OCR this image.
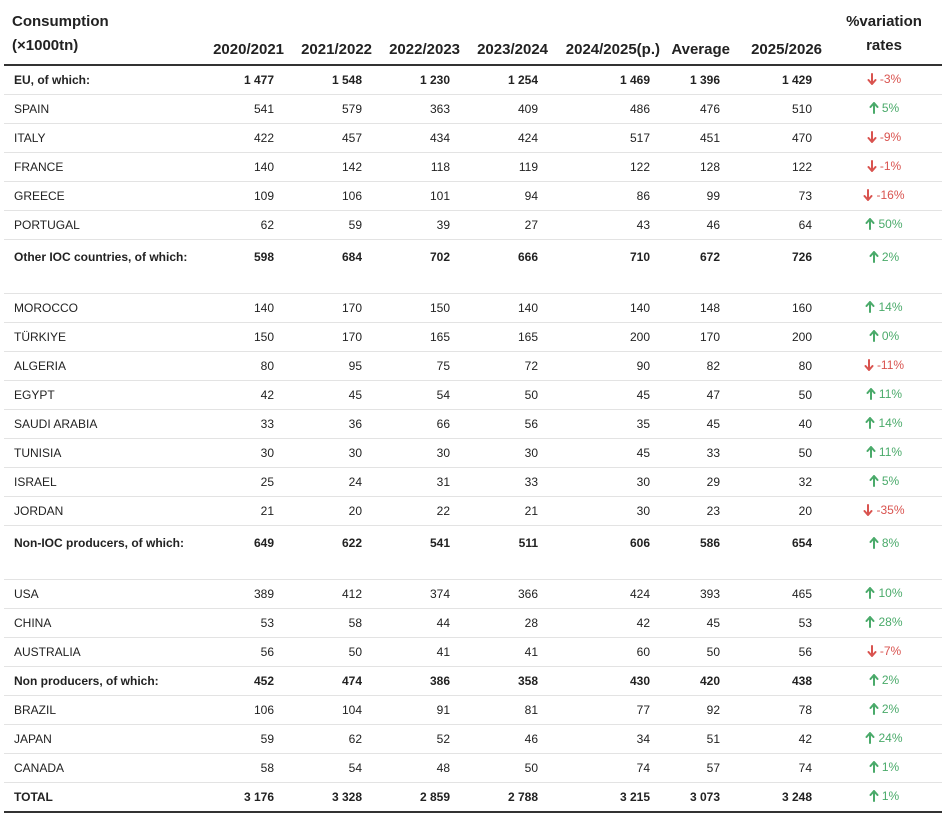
Consumption
(×1000tn)	2020/2021	2021/2022	2022/2023	2023/2024	2024/2025(p.)	Average	2025/2026	%variation
rates
EU, of which:	1 477	1 548	1 230	1 254	1 469	1 396	1 429	-3%

SPAIN	541	579	363	409	486	476	510	5%

ITALY	422	457	434	424	517	451	470	-9%

FRANCE	140	142	118	119	122	128	122	-1%

GREECE	109	106	101	94	86	99	73	-16%

PORTUGAL	62	59	39	27	43	46	64	50%

Other IOC countries, of which:	598	684	702	666	710	672	726	2%

MOROCCO	140	170	150	140	140	148	160	14%

TÜRKIYE	150	170	165	165	200	170	200	0%

ALGERIA	80	95	75	72	90	82	80	-11%

EGYPT	42	45	54	50	45	47	50	11%

SAUDI ARABIA	33	36	66	56	35	45	40	14%

TUNISIA	30	30	30	30	45	33	50	11%

ISRAEL	25	24	31	33	30	29	32	5%

JORDAN	21	20	22	21	30	23	20	-35%

Non-IOC producers, of which:	649	622	541	511	606	586	654	8%

USA	389	412	374	366	424	393	465	10%

CHINA	53	58	44	28	42	45	53	28%

AUSTRALIA	56	50	41	41	60	50	56	-7%

Non producers, of which:	452	474	386	358	430	420	438	2%

BRAZIL	106	104	91	81	77	92	78	2%

JAPAN	59	62	52	46	34	51	42	24%

CANADA	58	54	48	50	74	57	74	1%

TOTAL	3 176	3 328	2 859	2 788	3 215	3 073	3 248	1%
